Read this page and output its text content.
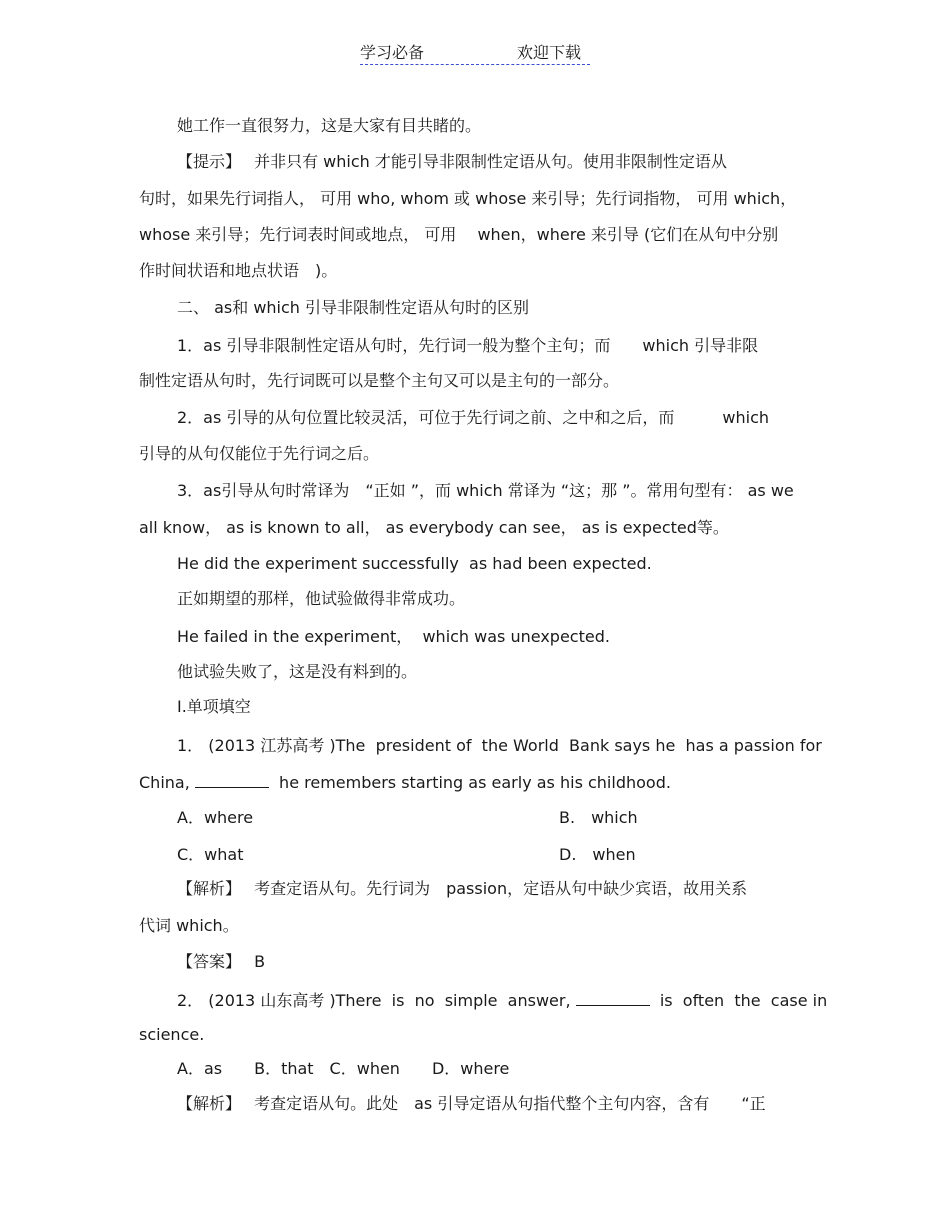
学习必备	欢迎下载
她工作一直很努力，这是大家有目共睹的。
【提示】　 并非只有 which 才能引导非限制性定语从句。使用非限制性定语从
句时，如果先行词指人， 可用 who, whom 或 whose 来引导；先行词指物， 可用 which，
whose 来引导；先行词表时间或地点， 可用　 when，where 来引导 (它们在从句中分别
作时间状语和地点状语　)。
二、 as和 which 引导非限制性定语从句时的区别
1．as 引导非限制性定语从句时，先行词一般为整个主句；而　　which 引导非限
制性定语从句时，先行词既可以是整个主句又可以是主句的一部分。
2．as 引导的从句位置比较灵活，可位于先行词之前、之中和之后，而　　　which
引导的从句仅能位于先行词之后。
3．as引导从句时常译为　“正如 ”，而 which 常译为 “这；那 ”。常用句型有： as we
all know， as is known to all， as everybody can see， as is expected等。
He did the experiment successfully  as had been expected.
正如期望的那样，他试验做得非常成功。
He failed in the experiment，  which was unexpected.
他试验失败了，这是没有料到的。
Ⅰ.单项填空
1． (2013 江苏高考 )The  president of  the World  Bank says he  has a passion for
China,	he remembers starting as early as his childhood.
A．where	B.　which
C．what	D.　when
【解析】　 考查定语从句。先行词为　passion，定语从句中缺少宾语，故用关系
代词 which。
【答案】　 B
2． (2013 山东高考 )There  is  no  simple  answer,	is  often  the  case in
science.
A．as　　B．that　C．when　　D．where
【解析】　 考查定语从句。此处　as 引导定语从句指代整个主句内容，含有　　“正
